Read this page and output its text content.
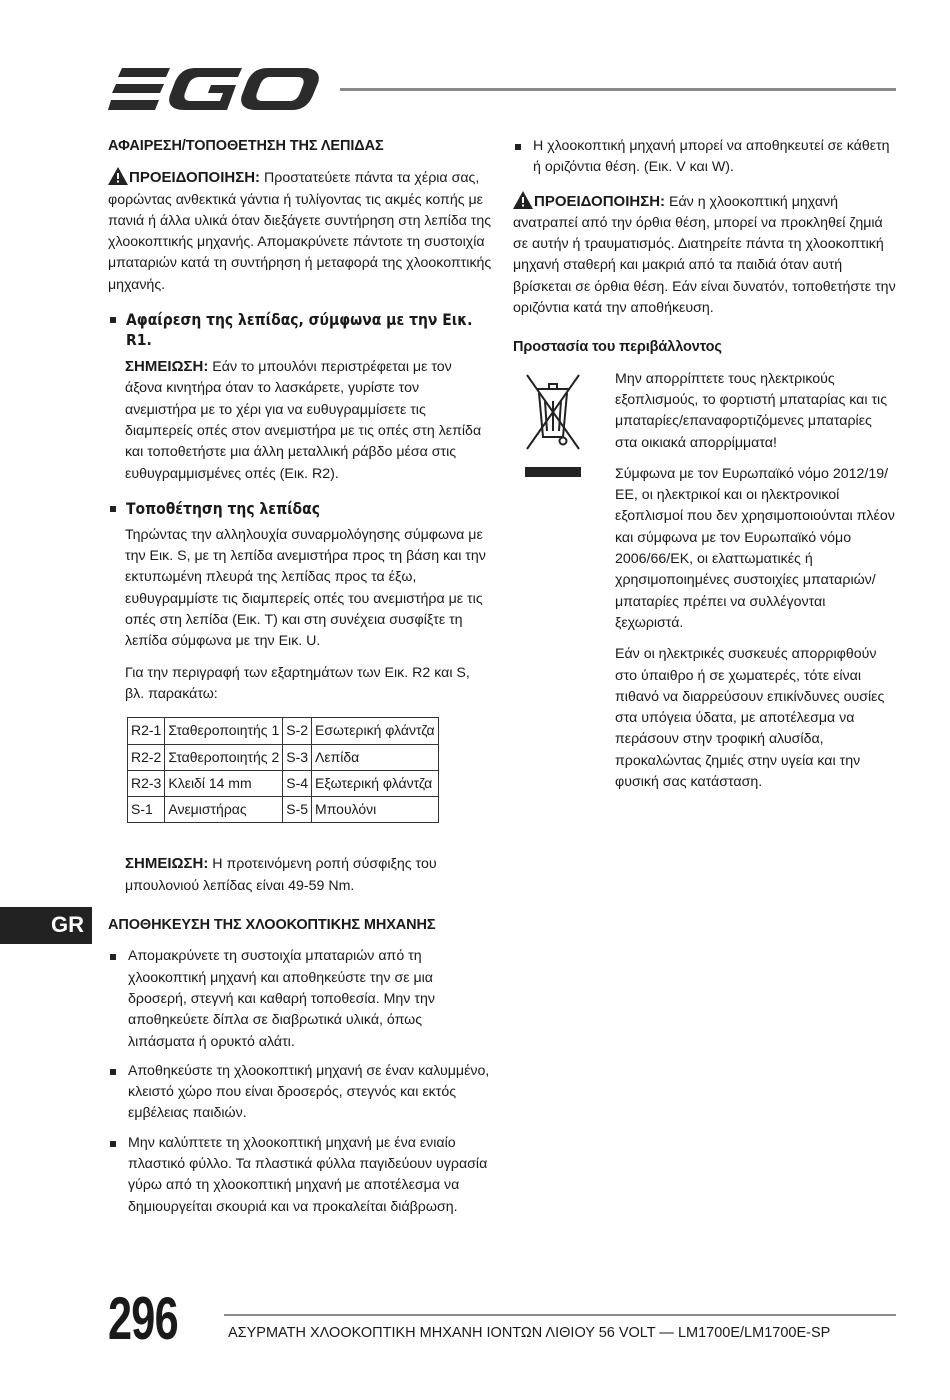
ΑΦΑΙΡΕΣΗ/ΤΟΠΟΘΕΤΗΣΗ ΤΗΣ ΛΕΠΙΔΑΣ
ΠΡΟΕΙΔΟΠΟΙΗΣΗ: Προστατεύετε πάντα τα χέρια σας, φορώντας ανθεκτικά γάντια ή τυλίγοντας τις ακμές κοπής με πανιά ή άλλα υλικά όταν διεξάγετε συντήρηση στη λεπίδα της χλοοκοπτικής μηχανής. Απομακρύνετε πάντοτε τη συστοιχία μπαταριών κατά τη συντήρηση ή μεταφορά της χλοοκοπτικής μηχανής.
Αφαίρεση της λεπίδας, σύμφωνα με την Εικ. R1.
ΣΗΜΕΙΩΣΗ: Εάν το μπουλόνι περιστρέφεται με τον άξονα κινητήρα όταν το λασκάρετε, γυρίστε τον ανεμιστήρα με το χέρι για να ευθυγραμμίσετε τις διαμπερείς οπές στον ανεμιστήρα με τις οπές στη λεπίδα και τοποθετήστε μια άλλη μεταλλική ράβδο μέσα στις ευθυγραμμισμένες οπές (Εικ. R2).
Τοποθέτηση της λεπίδας
Τηρώντας την αλληλουχία συναρμολόγησης σύμφωνα με την Εικ. S, με τη λεπίδα ανεμιστήρα προς τη βάση και την εκτυπωμένη πλευρά της λεπίδας προς τα έξω, ευθυγραμμίστε τις διαμπερείς οπές του ανεμιστήρα με τις οπές στη λεπίδα (Εικ. T) και στη συνέχεια συσφίξτε τη λεπίδα σύμφωνα με την Εικ. U.
Για την περιγραφή των εξαρτημάτων των Εικ. R2 και S, βλ. παρακάτω:
R2-1	Σταθεροποιητής 1	S-2	Εσωτερική φλάντζα
R2-2	Σταθεροποιητής 2	S-3	Λεπίδα
R2-3	Κλειδί 14 mm	S-4	Εξωτερική φλάντζα
S-1	Ανεμιστήρας	S-5	Μπουλόνι
ΣΗΜΕΙΩΣΗ: Η προτεινόμενη ροπή σύσφιξης του μπουλονιού λεπίδας είναι 49-59 Nm.
ΑΠΟΘΗΚΕΥΣΗ ΤΗΣ ΧΛΟΟΚΟΠΤΙΚΗΣ ΜΗΧΑΝΗΣ
Απομακρύνετε τη συστοιχία μπαταριών από τη χλοοκοπτική μηχανή και αποθηκεύστε την σε μια δροσερή, στεγνή και καθαρή τοποθεσία. Μην την αποθηκεύετε δίπλα σε διαβρωτικά υλικά, όπως λιπάσματα ή ορυκτό αλάτι.
Αποθηκεύστε τη χλοοκοπτική μηχανή σε έναν καλυμμένο, κλειστό χώρο που είναι δροσερός, στεγνός και εκτός εμβέλειας παιδιών.
Μην καλύπτετε τη χλοοκοπτική μηχανή με ένα ενιαίο πλαστικό φύλλο. Τα πλαστικά φύλλα παγιδεύουν υγρασία γύρω από τη χλοοκοπτική μηχανή με αποτέλεσμα να δημιουργείται σκουριά και να προκαλείται διάβρωση.
Η χλοοκοπτική μηχανή μπορεί να αποθηκευτεί σε κάθετη ή οριζόντια θέση. (Εικ. V και W).
ΠΡΟΕΙΔΟΠΟΙΗΣΗ: Εάν η χλοοκοπτική μηχανή ανατραπεί από την όρθια θέση, μπορεί να προκληθεί ζημιά σε αυτήν ή τραυματισμός. Διατηρείτε πάντα τη χλοοκοπτική μηχανή σταθερή και μακριά από τα παιδιά όταν αυτή βρίσκεται σε όρθια θέση. Εάν είναι δυνατόν, τοποθετήστε την οριζόντια κατά την αποθήκευση.
Προστασία του περιβάλλοντος
Μην απορρίπτετε τους ηλεκτρικούς εξοπλισμούς, το φορτιστή μπαταρίας και τις μπαταρίες/επαναφορτιζόμενες μπαταρίες στα οικιακά απορρίμματα!
Σύμφωνα με τον Ευρωπαϊκό νόμο 2012/19/ΕΕ, οι ηλεκτρικοί και οι ηλεκτρονικοί εξοπλισμοί που δεν χρησιμοποιούνται πλέον και σύμφωνα με τον Ευρωπαϊκό νόμο 2006/66/ΕΚ, οι ελαττωματικές ή χρησιμοποιημένες συστοιχίες μπαταριών/μπαταρίες πρέπει να συλλέγονται ξεχωριστά.
Εάν οι ηλεκτρικές συσκευές απορριφθούν στο ύπαιθρο ή σε χωματερές, τότε είναι πιθανό να διαρρεύσουν επικίνδυνες ουσίες στα υπόγεια ύδατα, με αποτέλεσμα να περάσουν στην τροφική αλυσίδα, προκαλώντας ζημιές στην υγεία και την φυσική σας κατάσταση.
GR
296	ΑΣΥΡΜΑΤΗ ΧΛΟΟΚΟΠΤΙΚΗ ΜΗΧΑΝΗ ΙΟΝΤΩΝ ΛΙΘΙΟΥ 56 VOLT — LM1700E/LM1700E-SP
